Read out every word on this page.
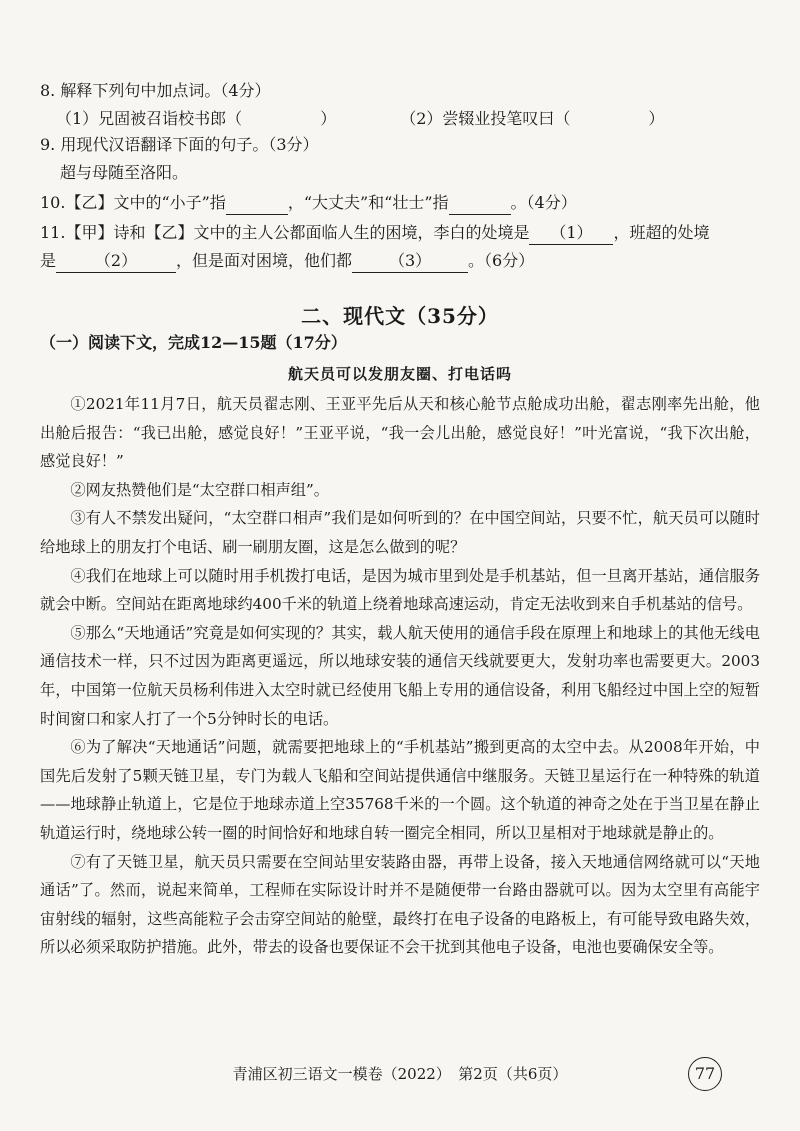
8. 解释下列句中加点词。（4分）
（1）兄固被召诣校书郎（	）	（2）尝辍业投笔叹曰（	）
9. 用现代汉语翻译下面的句子。（3分）
超与母随至洛阳。
10.【乙】文中的“小子”指	，“大丈夫”和“壮士”指	。（4分）
11.【甲】诗和【乙】文中的主人公都面临人生的困境，李白的处境是 （1） ，班超的处境
是 （2） ，但是面对困境，他们都 （3） 。（6分）
二、现代文（35分）
（一）阅读下文，完成12—15题（17分）
航天员可以发朋友圈、打电话吗

①2021年11月7日，航天员翟志刚、王亚平先后从天和核心舱节点舱成功出舱，翟志刚率先出舱，他出舱后报告：“我已出舱，感觉良好！”王亚平说，“我一会儿出舱，感觉良好！”叶光富说，“我下次出舱，感觉良好！”

②网友热赞他们是“太空群口相声组”。

③有人不禁发出疑问，“太空群口相声”我们是如何听到的？在中国空间站，只要不忙，航天员可以随时给地球上的朋友打个电话、刷一刷朋友圈，这是怎么做到的呢？

④我们在地球上可以随时用手机拨打电话，是因为城市里到处是手机基站，但一旦离开基站，通信服务就会中断。空间站在距离地球约400千米的轨道上绕着地球高速运动，肯定无法收到来自手机基站的信号。

⑤那么“天地通话”究竟是如何实现的？其实，载人航天使用的通信手段在原理上和地球上的其他无线电通信技术一样，只不过因为距离更遥远，所以地球安装的通信天线就要更大，发射功率也需要更大。2003年，中国第一位航天员杨利伟进入太空时就已经使用飞船上专用的通信设备，利用飞船经过中国上空的短暂时间窗口和家人打了一个5分钟时长的电话。

⑥为了解决“天地通话”问题，就需要把地球上的“手机基站”搬到更高的太空中去。从2008年开始，中国先后发射了5颗天链卫星，专门为载人飞船和空间站提供通信中继服务。天链卫星运行在一种特殊的轨道——地球静止轨道上，它是位于地球赤道上空35768千米的一个圆。这个轨道的神奇之处在于当卫星在静止轨道运行时，绕地球公转一圈的时间恰好和地球自转一圈完全相同，所以卫星相对于地球就是静止的。

⑦有了天链卫星，航天员只需要在空间站里安装路由器，再带上设备，接入天地通信网络就可以“天地通话”了。然而，说起来简单，工程师在实际设计时并不是随便带一台路由器就可以。因为太空里有高能宇宙射线的辐射，这些高能粒子会击穿空间站的舱壁，最终打在电子设备的电路板上，有可能导致电路失效，所以必须采取防护措施。此外，带去的设备也要保证不会干扰到其他电子设备，电池也要确保安全等。

青浦区初三语文一模卷（2022）　第2页（共6页）	77
